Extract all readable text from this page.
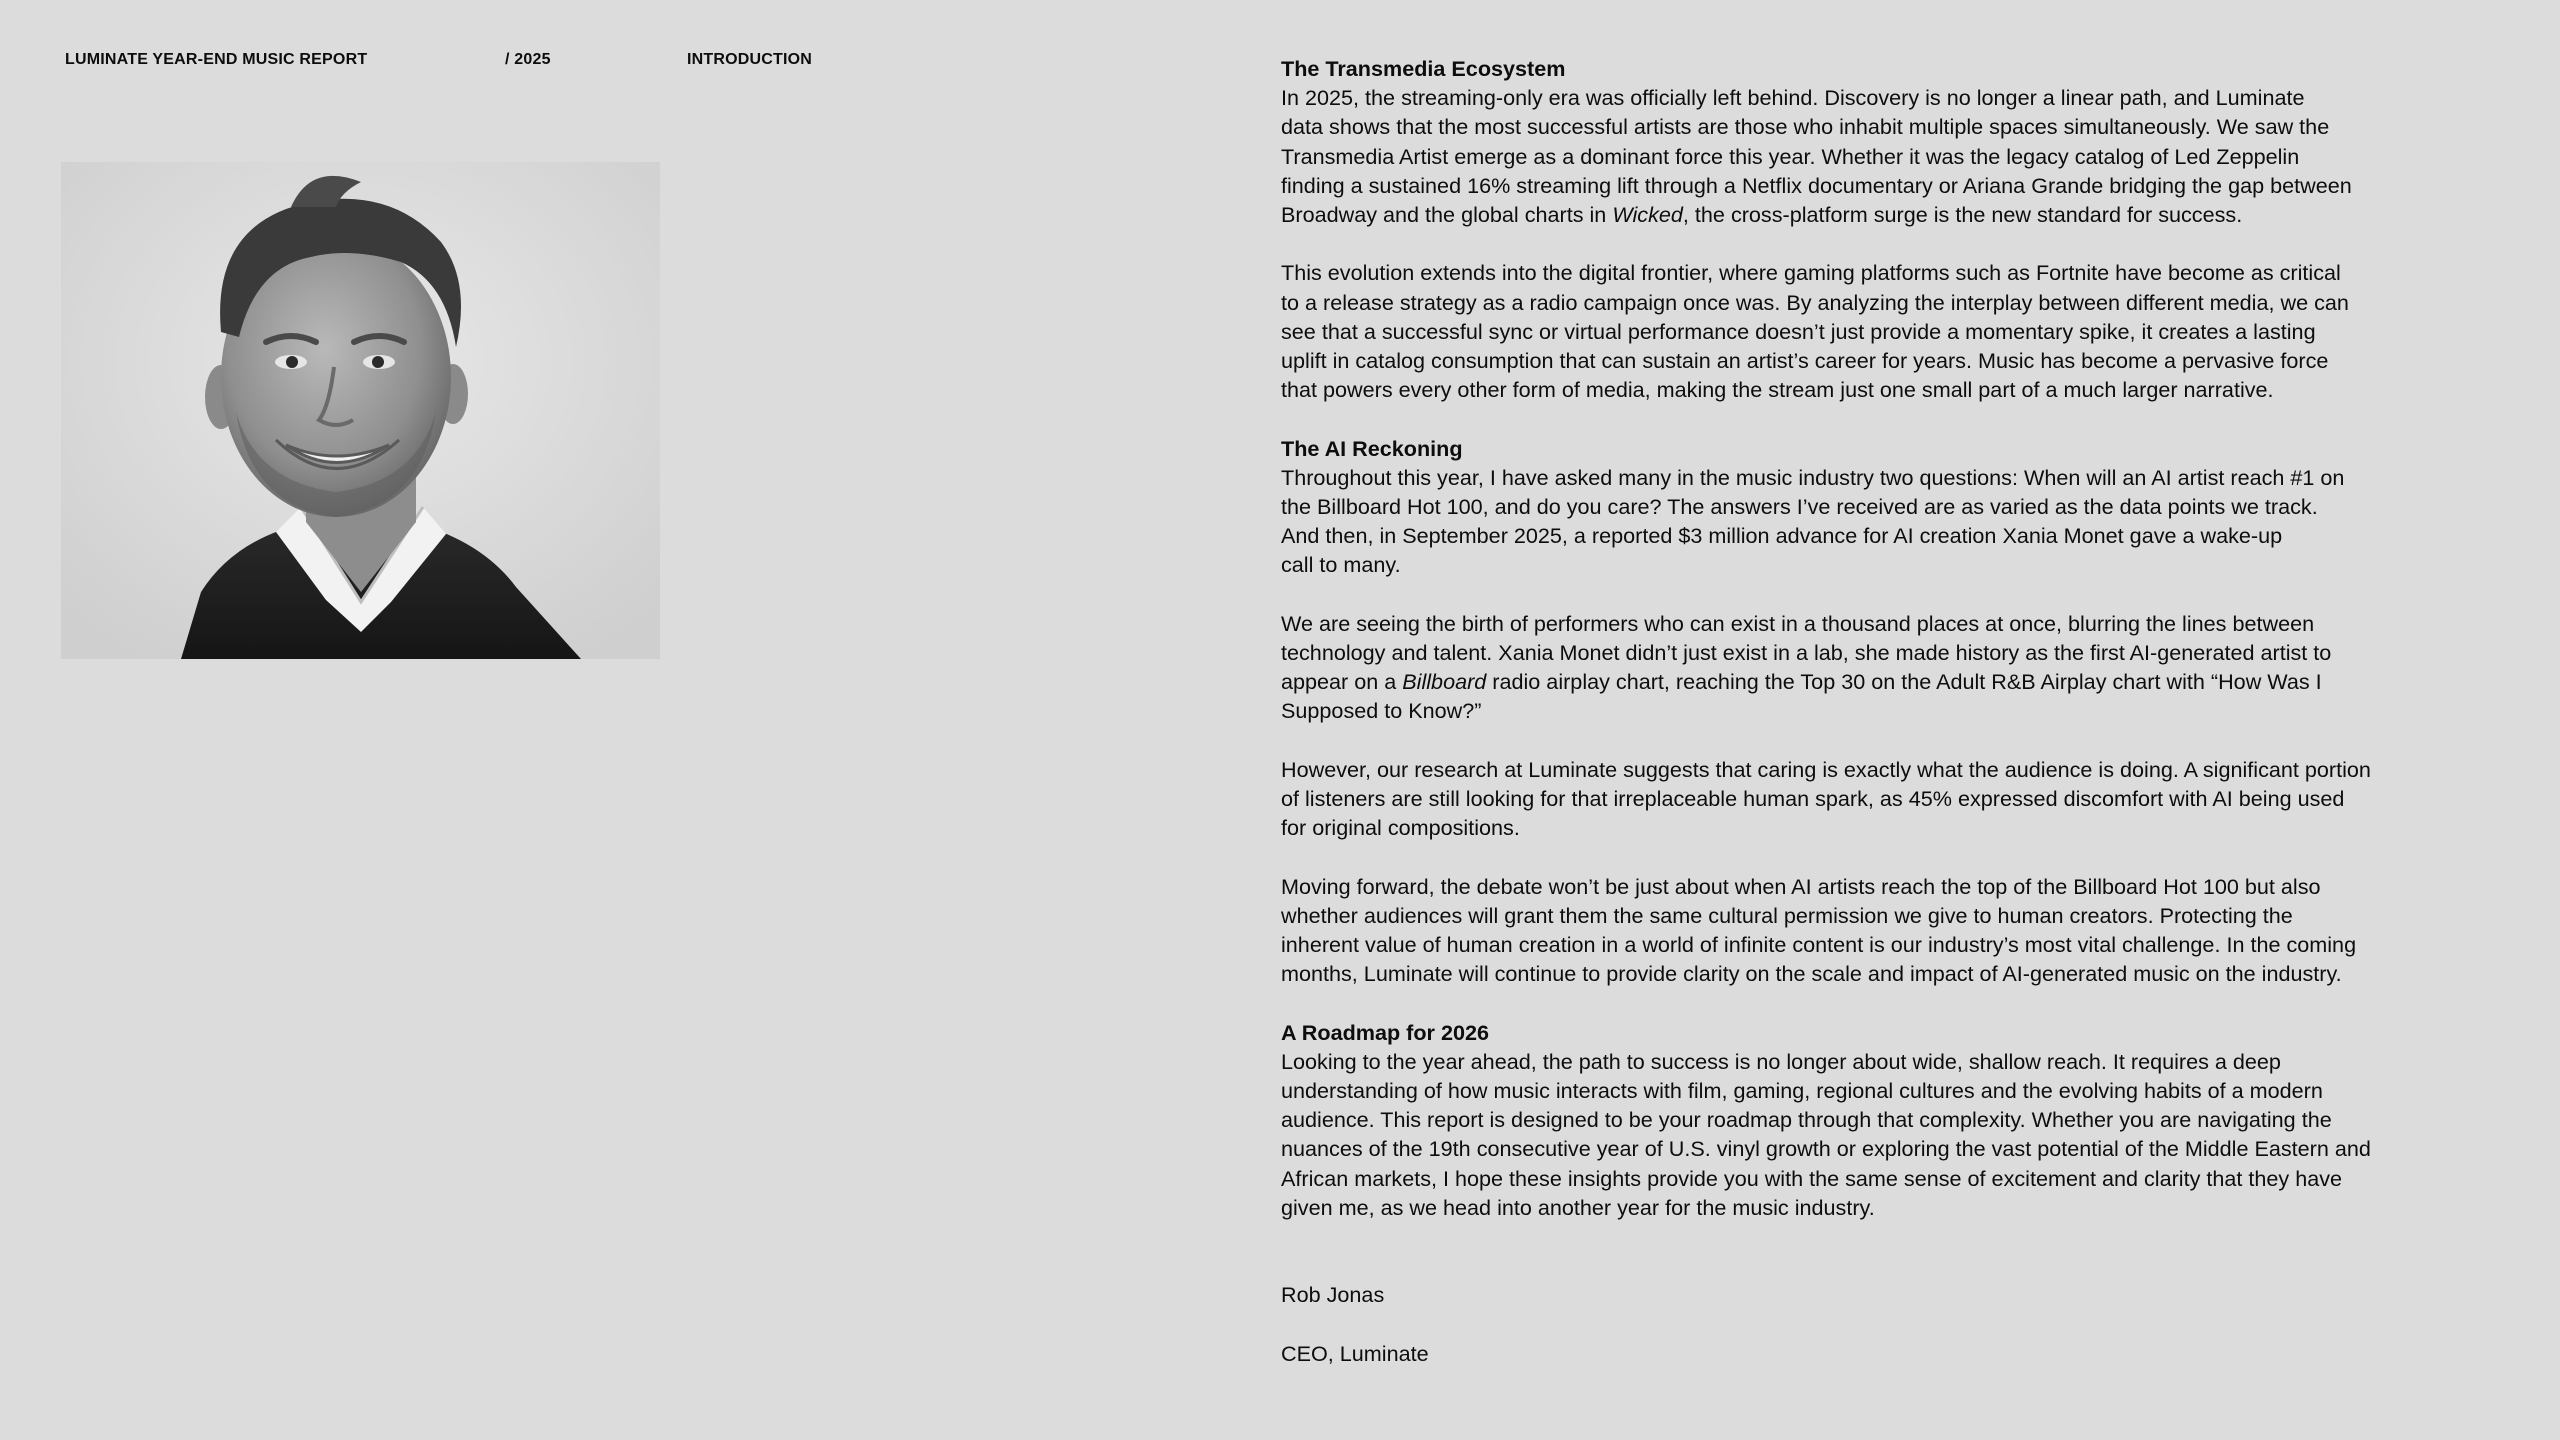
LUMINATE YEAR-END MUSIC REPORT	/ 2025	INTRODUCTION	The Transmedia Ecosystem

In 2025, the streaming-only era was officially left behind. Discovery is no longer a linear path, and Luminate
data shows that the most successful artists are those who inhabit multiple spaces simultaneously. We saw the
Transmedia Artist emerge as a dominant force this year. Whether it was the legacy catalog of Led Zeppelin
finding a sustained 16% streaming lift through a Netflix documentary or Ariana Grande bridging the gap between
Broadway and the global charts in Wicked, the cross-platform surge is the new standard for success.

This evolution extends into the digital frontier, where gaming platforms such as Fortnite have become as critical
to a release strategy as a radio campaign once was. By analyzing the interplay between different media, we can
see that a successful sync or virtual performance doesn’t just provide a momentary spike, it creates a lasting
uplift in catalog consumption that can sustain an artist’s career for years. Music has become a pervasive force
that powers every other form of media, making the stream just one small part of a much larger narrative.

The AI Reckoning

Throughout this year, I have asked many in the music industry two questions: When will an AI artist reach #1 on
the Billboard Hot 100, and do you care? The answers I’ve received are as varied as the data points we track.
And then, in September 2025, a reported $3 million advance for AI creation Xania Monet gave a wake-up
call to many.

We are seeing the birth of performers who can exist in a thousand places at once, blurring the lines between
technology and talent. Xania Monet didn’t just exist in a lab, she made history as the first AI-generated artist to
appear on a Billboard radio airplay chart, reaching the Top 30 on the Adult R&B Airplay chart with “How Was I
Supposed to Know?”

However, our research at Luminate suggests that caring is exactly what the audience is doing. A significant portion
of listeners are still looking for that irreplaceable human spark, as 45% expressed discomfort with AI being used
for original compositions.

Moving forward, the debate won’t be just about when AI artists reach the top of the Billboard Hot 100 but also
whether audiences will grant them the same cultural permission we give to human creators. Protecting the
inherent value of human creation in a world of infinite content is our industry’s most vital challenge. In the coming
months, Luminate will continue to provide clarity on the scale and impact of AI-generated music on the industry.

A Roadmap for 2026

Looking to the year ahead, the path to success is no longer about wide, shallow reach. It requires a deep
understanding of how music interacts with film, gaming, regional cultures and the evolving habits of a modern
audience. This report is designed to be your roadmap through that complexity. Whether you are navigating the
nuances of the 19th consecutive year of U.S. vinyl growth or exploring the vast potential of the Middle Eastern and
African markets, I hope these insights provide you with the same sense of excitement and clarity that they have
given me, as we head into another year for the music industry.

Rob Jonas

CEO, Luminate
